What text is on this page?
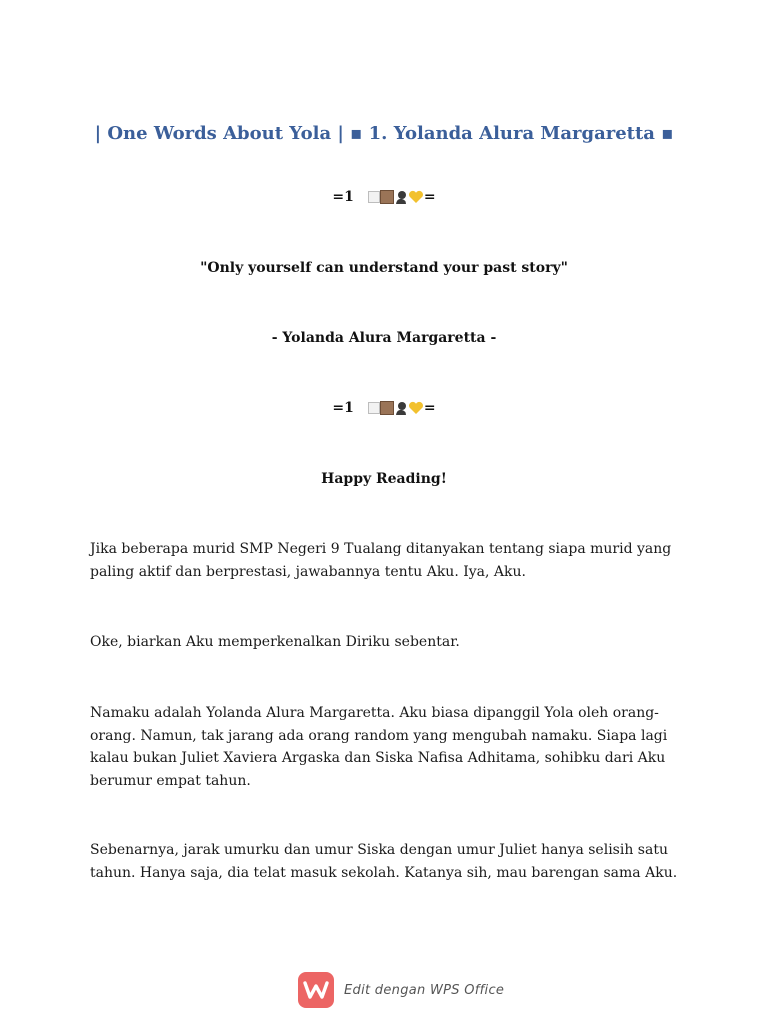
| One Words About Yola | ▪ 1. Yolanda Alura Margaretta ▪
=1	=
"Only yourself can understand your past story"
- Yolanda Alura Margaretta -
=1	=
Happy Reading!
Jika beberapa murid SMP Negeri 9 Tualang ditanyakan tentang siapa murid yang paling aktif dan berprestasi, jawabannya tentu Aku. Iya, Aku.
Oke, biarkan Aku memperkenalkan Diriku sebentar.
Namaku adalah Yolanda Alura Margaretta. Aku biasa dipanggil Yola oleh orang-orang. Namun, tak jarang ada orang random yang mengubah namaku. Siapa lagi kalau bukan Juliet Xaviera Argaska dan Siska Nafisa Adhitama, sohibku dari Aku berumur empat tahun.
Sebenarnya, jarak umurku dan umur Siska dengan umur Juliet hanya selisih satu tahun. Hanya saja, dia telat masuk sekolah. Katanya sih, mau barengan sama Aku.
Edit dengan WPS Office
